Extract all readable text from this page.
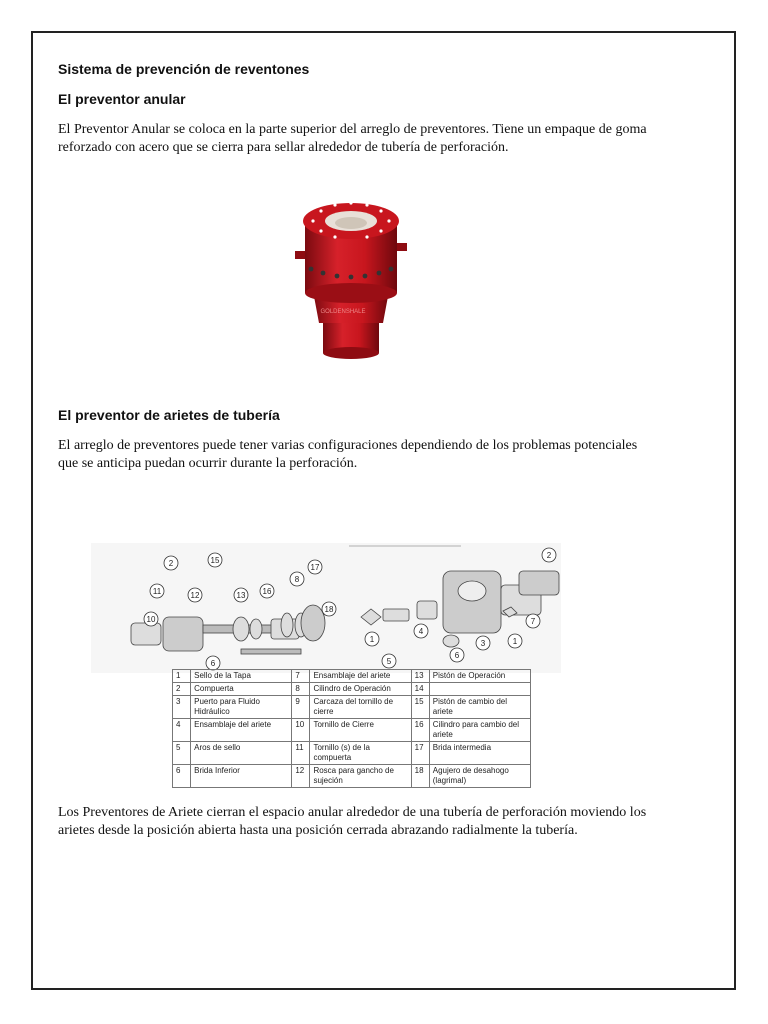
Sistema de prevención de reventones
El preventor anular

El Preventor Anular se coloca en la parte superior del arreglo de preventores. Tiene un empaque de goma reforzado con acero que se cierra para sellar alrededor de tubería de perforación.

GOLDENSHALE
El preventor de arietes de tubería

El arreglo de preventores puede tener varias configuraciones dependiendo de los problemas potenciales que se anticipa puedan ocurrir durante la perforación.

2	15
11	12
10
13 16
8
17
18
6
1
4
5
6
3	1
2
7
1	Sello de la Tapa	7	Ensamblaje del ariete	13	Pistón de Operación
2	Compuerta	8	Cilindro de Operación	14	
3	Puerto para Fluido Hidráulico	9	Carcaza del tornillo de cierre	15	Pistón de cambio del ariete
4	Ensamblaje del ariete	10	Tornillo de Cierre	16	Cilindro para cambio del ariete
5	Aros de sello	11	Tornillo (s) de la compuerta	17	Brida intermedia
6	Brida Inferior	12	Rosca para gancho de sujeción	18	Agujero de desahogo (lagrimal)

Los Preventores de Ariete cierran el espacio anular alrededor de una tubería de perforación moviendo los arietes desde la posición abierta hasta una posición cerrada abrazando radialmente la tubería.
